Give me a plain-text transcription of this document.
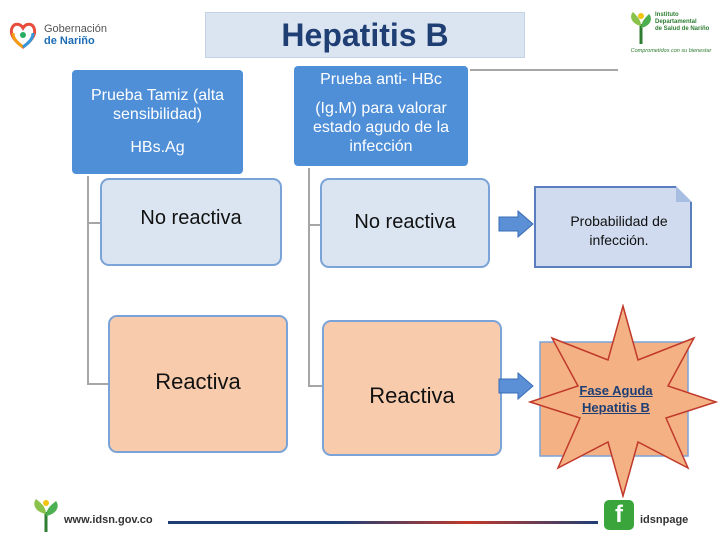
Gobernación
de Nariño	Hepatitis B
Instituto
Departamental
de Salud de Nariño
Comprometidos con su bienestar
Prueba Tamiz (alta sensibilidad)
HBs.Ag
No reactiva
Reactiva
Prueba anti- HBc
(Ig.M) para valorar estado agudo de la infección
No reactiva
Reactiva
Probabilidad de infección.
Fase Aguda
Hepatitis B
www.idsn.gov.co	f	idsnpage
